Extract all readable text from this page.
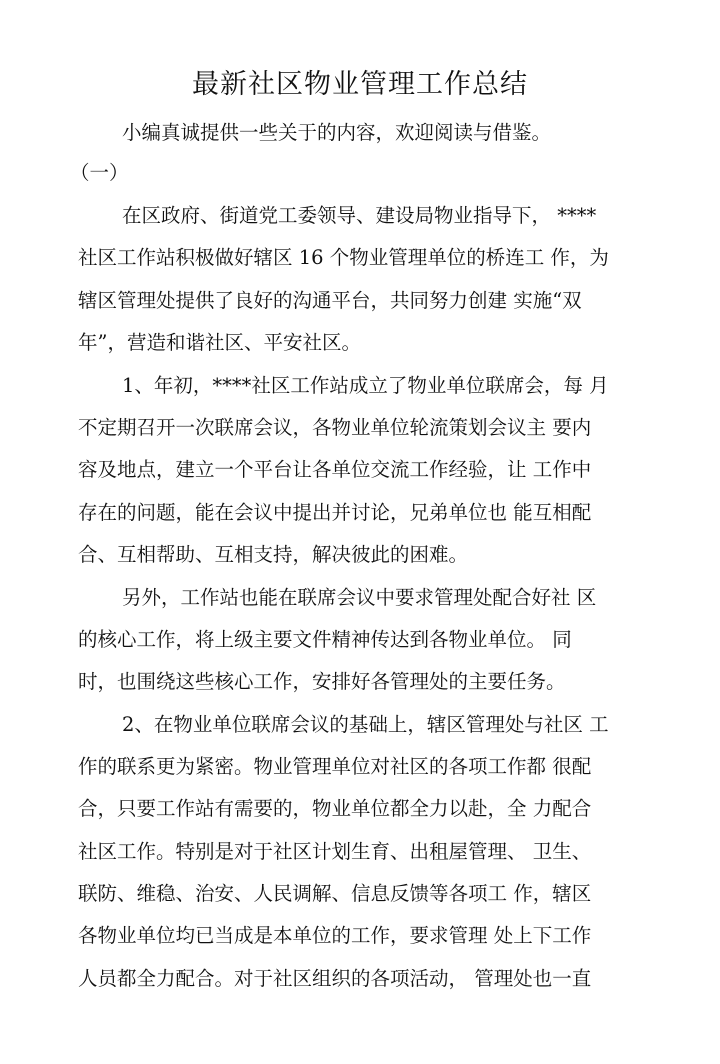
最新社区物业管理工作总结
小编真诚提供一些关于的内容，欢迎阅读与借鉴。
（一）
在区政府、街道党工委领导、建设局物业指导下， ****
社区工作站积极做好辖区 16 个物业管理单位的桥连工 作，为
辖区管理处提供了良好的沟通平台，共同努力创建 实施“双
年”，营造和谐社区、平安社区。
1、年初，****社区工作站成立了物业单位联席会，每 月
不定期召开一次联席会议，各物业单位轮流策划会议主 要内
容及地点，建立一个平台让各单位交流工作经验，让 工作中
存在的问题，能在会议中提出并讨论，兄弟单位也 能互相配
合、互相帮助、互相支持，解决彼此的困难。
另外，工作站也能在联席会议中要求管理处配合好社 区
的核心工作，将上级主要文件精神传达到各物业单位。 同
时，也围绕这些核心工作，安排好各管理处的主要任务。
2、在物业单位联席会议的基础上，辖区管理处与社区 工
作的联系更为紧密。物业管理单位对社区的各项工作都 很配
合，只要工作站有需要的，物业单位都全力以赴，全 力配合
社区工作。特别是对于社区计划生育、出租屋管理、 卫生、
联防、维稳、治安、人民调解、信息反馈等各项工 作，辖区
各物业单位均已当成是本单位的工作，要求管理 处上下工作
人员都全力配合。对于社区组织的各项活动， 管理处也一直
